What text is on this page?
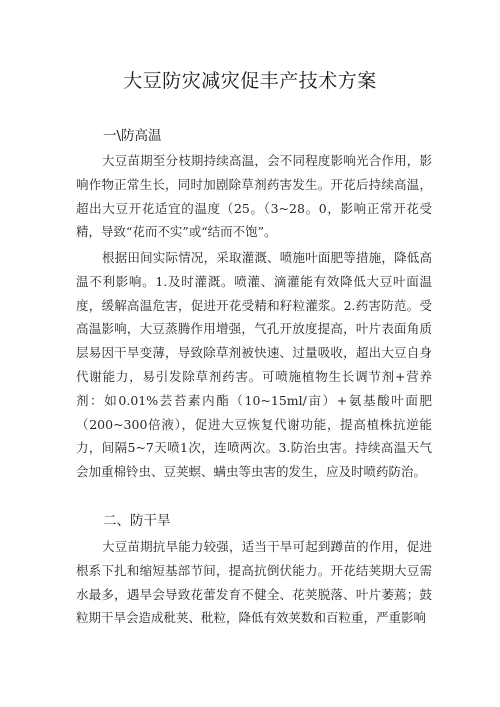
大豆防灾减灾促丰产技术方案
一\防高温

大豆苗期至分枝期持续高温，会不同程度影响光合作用，影响作物正常生长，同时加剧除草剂药害发生。开花后持续高温，超出大豆开花适宜的温度（25。（3~28。0，影响正常开花受精，导致“花而不实”或“结而不饱”。

根据田间实际情况，采取灌溉、喷施叶面肥等措施，降低高温不利影响。1.及时灌溉。喷灌、滴灌能有效降低大豆叶面温度，缓解高温危害，促进开花受精和籽粒灌浆。2.药害防范。受高温影响，大豆蒸腾作用增强，气孔开放度提高，叶片表面角质层易因干旱变薄，导致除草剂被快速、过量吸收，超出大豆自身代谢能力，易引发除草剂药害。可喷施植物生长调节剂+营养剂：如0.01%芸苔素内酯（10~15ml/亩）+氨基酸叶面肥（200~300倍液），促进大豆恢复代谢功能，提高植株抗逆能力，间隔5~7天喷1次，连喷两次。3.防治虫害。持续高温天气会加重棉铃虫、豆荚螟、螨虫等虫害的发生，应及时喷药防治。

二、防干旱

大豆苗期抗旱能力较强，适当干旱可起到蹲苗的作用，促进根系下扎和缩短基部节间，提高抗倒伏能力。开花结荚期大豆需水最多，遇旱会导致花蕾发育不健全、花荚脱落、叶片萎蔫；鼓粒期干旱会造成秕荚、秕粒，降低有效荚数和百粒重，严重影响
